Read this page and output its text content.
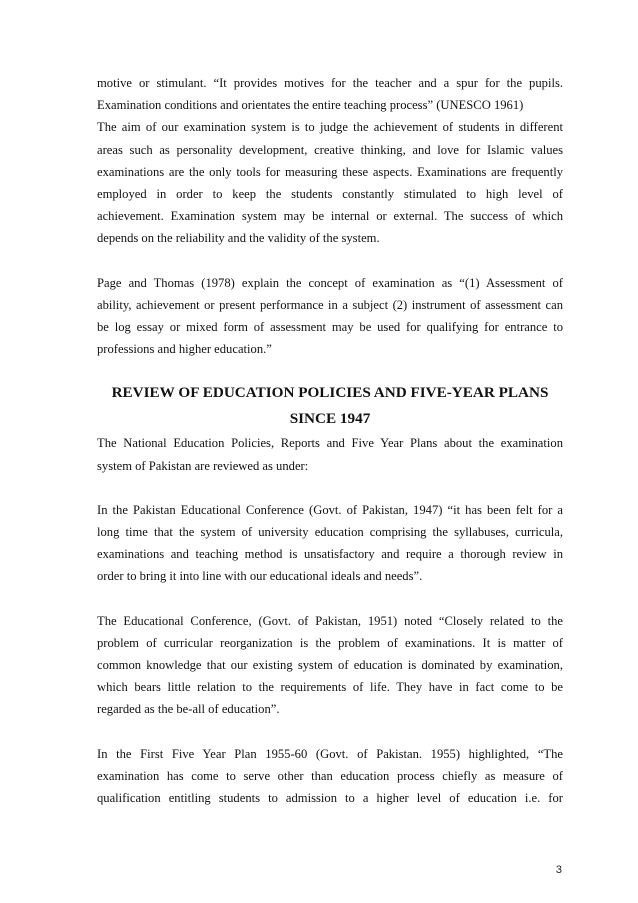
motive or stimulant. “It provides motives for the teacher and a spur for the pupils.

Examination conditions and orientates the entire teaching process” (UNESCO 1961)

The aim of our examination system is to judge the achievement of students in different

areas such as personality development, creative thinking, and love for Islamic values

examinations are the only tools for measuring these aspects. Examinations are frequently

employed in order to keep the students constantly stimulated to high level of

achievement. Examination system may be internal or external. The success of which

depends on the reliability and the validity of the system.

Page and Thomas (1978) explain the concept of examination as “(1) Assessment of

ability, achievement or present performance in a subject (2) instrument of assessment can

be log essay or mixed form of assessment may be used for qualifying for entrance to

professions and higher education.”

REVIEW OF EDUCATION POLICIES AND FIVE-YEAR PLANS

SINCE 1947

The National Education Policies, Reports and Five Year Plans about the examination

system of Pakistan are reviewed as under:

In the Pakistan Educational Conference (Govt. of Pakistan, 1947) “it has been felt for a

long time that the system of university education comprising the syllabuses, curricula,

examinations and teaching method is unsatisfactory and require a thorough review in

order to bring it into line with our educational ideals and needs”.

The Educational Conference, (Govt. of Pakistan, 1951) noted “Closely related to the

problem of curricular reorganization is the problem of examinations. It is matter of

common knowledge that our existing system of education is dominated by examination,

which bears little relation to the requirements of life. They have in fact come to be

regarded as the be-all of education”.

In the First Five Year Plan 1955-60 (Govt. of Pakistan. 1955) highlighted, “The

examination has come to serve other than education process chiefly as measure of

qualification entitling students to admission to a higher level of education i.e. for

3
